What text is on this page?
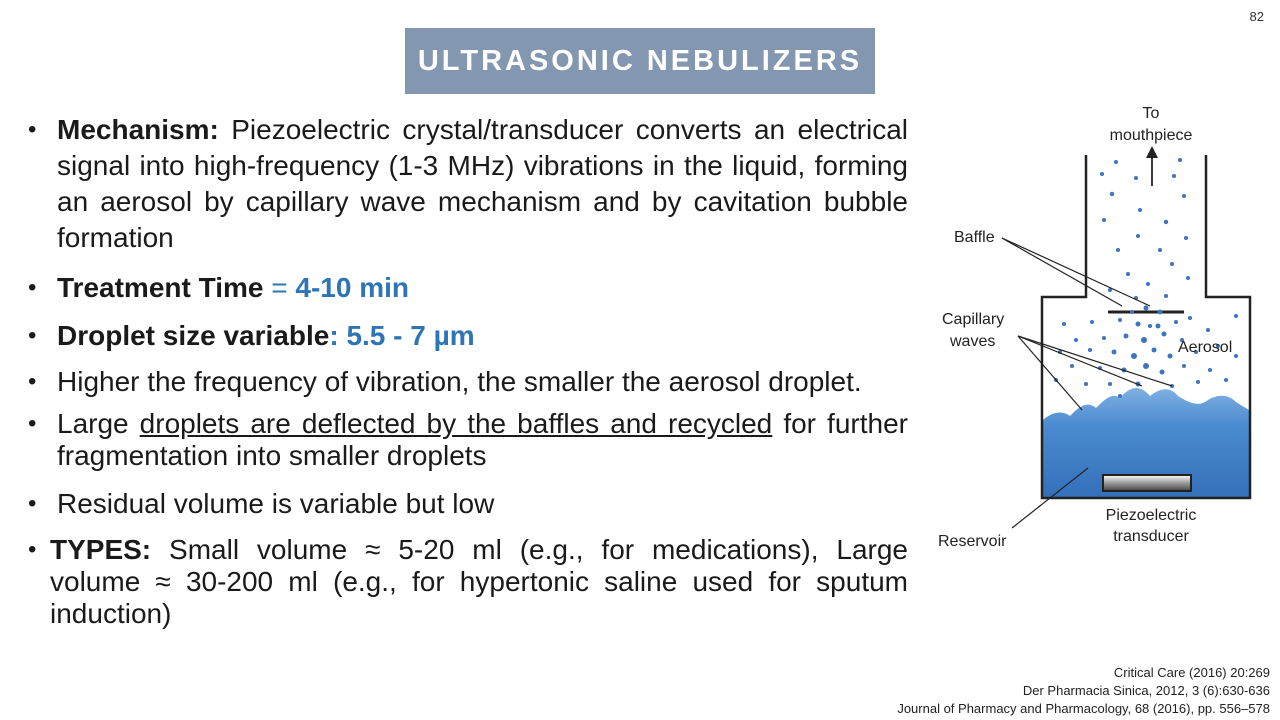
82
ULTRASONIC NEBULIZERS
• Mechanism: Piezoelectric crystal/transducer converts an electrical signal into high-frequency (1-3 MHz) vibrations in the liquid, forming an aerosol by capillary wave mechanism and by cavitation bubble formation
• Treatment Time = 4-10 min
• Droplet size variable: 5.5 - 7 µm
• Higher the frequency of vibration, the smaller the aerosol droplet.
• Large droplets are deflected by the baffles and recycled for further fragmentation into smaller droplets
• Residual volume is variable but low
• TYPES: Small volume ≈ 5-20 ml (e.g., for medications), Large volume ≈ 30-200 ml (e.g., for hypertonic saline used for sputum induction)
To
mouthpiece
Baffle
Capillary
waves	Aerosol
Piezoelectric
transducer
Reservoir
Critical Care (2016) 20:269
Der Pharmacia Sinica, 2012, 3 (6):630-636
Journal of Pharmacy and Pharmacology, 68 (2016), pp. 556–578
